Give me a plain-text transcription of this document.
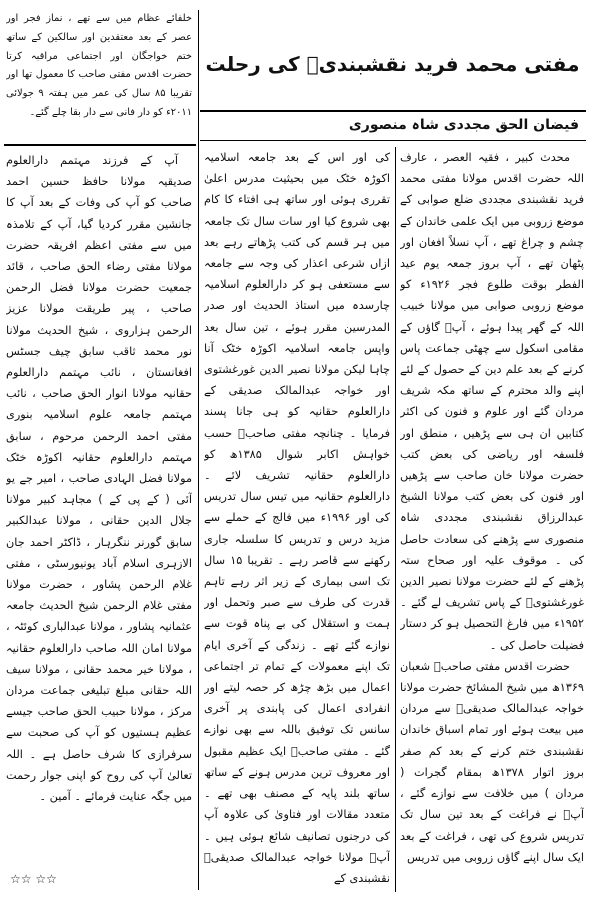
خلفائے عظام میں سے تھے ، نماز فجر اور عصر کے بعد معتقدین اور سالکین کے ساتھ ختم خواجگان اور اجتماعی مراقبہ کرتا حضرت اقدس مفتی صاحب کا معمول تھا اور تقریبا ۸۵ سال کی عمر میں ہفتہ ۹ جولائی ۲۰۱۱ء کو دار فانی سے دار بقا چلے گئے۔

آپ کے فرزند مہتمم دارالعلوم صدیقیہ مولانا حافظ حسین احمد صاحب کو آپ کی وفات کے بعد آپ کا جانشین مقرر کردیا گیا، آپ کے تلامذہ میں سے مفتی اعظم افریقہ حضرت مولانا مفتی رضاء الحق صاحب ، قائد جمعیت حضرت مولانا فضل الرحمن صاحب ، پیر طریقت مولانا عزیز الرحمن ہزاروی ، شیخ الحدیث مولانا نور محمد ثاقب سابق چیف جسٹس افغانستان ، نائب مہتمم دارالعلوم حقانیہ مولانا انوار الحق صاحب ، نائب مہتمم جامعہ علوم اسلامیہ بنوری مفتی احمد الرحمن مرحوم ، سابق مہتمم دارالعلوم حقانیہ اکوڑہ خٹک مولانا فضل الہادی صاحب ، امیر جے یو آئی ( کے پی کے ) مجاہد کبیر مولانا جلال الدین حقانی ، مولانا عبدالکبیر سابق گورنر ننگرہار ، ڈاکٹر احمد جان الازہری اسلام آباد یونیورسٹی ، مفتی غلام الرحمن پشاور ، حضرت مولانا مفتی غلام الرحمن شیخ الحدیث جامعہ عثمانیہ پشاور ، مولانا عبدالباری کوئٹہ ، مولانا امان اللہ صاحب دارالعلوم حقانیہ ، مولانا خیر محمد حقانی ، مولانا سیف اللہ حقانی مبلغ تبلیغی جماعت مردان مرکز ، مولانا حبیب الحق صاحب جیسے عظیم ہستیوں کو آپ کی صحبت سے سرفرازی کا شرف حاصل ہے ۔ اللہ تعالیٰ آپ کی روح کو اپنی جوار رحمت میں جگہ عنایت فرمائے ۔ آمین ۔

☆☆ ☆☆
مفتی محمد فرید نقشبندیؒ کی رحلت
فیضان الحق مجددی شاہ منصوری

کی اور اس کے بعد جامعہ اسلامیہ اکوڑہ خٹک میں بحیثیت مدرس اعلیٰ تقرری ہوئی اور ساتھ ہی افتاء کا کام بھی شروع کیا اور سات سال تک جامعہ میں ہر قسم کی کتب پڑھاتے رہے بعد ازاں شرعی اعذار کی وجہ سے جامعہ سے مستعفی ہو کر دارالعلوم اسلامیہ چارسدہ میں استاذ الحدیث اور صدر المدرسین مقرر ہوئے ، تین سال بعد واپس جامعہ اسلامیہ اکوڑہ خٹک آنا چاہا لیکن مولانا نصیر الدین غورغشتوی اور خواجہ عبدالمالک صدیقی کے دارالعلوم حقانیہ کو ہی جانا پسند فرمایا ۔ چنانچہ مفتی صاحبؒ حسب خواہش اکابر شوال ۱۳۸۵ھ کو دارالعلوم حقانیہ تشریف لائے ۔ دارالعلوم حقانیہ میں تیس سال تدریس کی اور ۱۹۹۶ء میں فالج کے حملے سے مزید درس و تدریس کا سلسلہ جاری رکھنے سے قاصر رہے ۔ تقریبا ۱۵ سال تک اسی بیماری کے زیر اثر رہے تاہم قدرت کی طرف سے صبر وتحمل اور ہمت و استقلال کی بے پناہ قوت سے نوازے گئے تھے ۔ زندگی کے آخری ایام تک اپنے معمولات کے تمام تر اجتماعی اعمال میں بڑھ چڑھ کر حصہ لیتے اور انفرادی اعمال کی پابندی پر آخری سانس تک توفیق باللہ سے بھی نوازے گئے ۔ مفتی صاحبؒ ایک عظیم مقبول اور معروف ترین مدرس ہونے کے ساتھ ساتھ بلند پایہ کے مصنف بھی تھے ۔ متعدد مقالات اور فتاویٰ کی علاوہ آپ کی درجنوں تصانیف شائع ہوئی ہیں ۔ آپؒ مولانا خواجہ عبدالمالک صدیقیؒ نقشبندی کے

محدث کبیر ، فقیہ العصر ، عارف اللہ حضرت اقدس مولانا مفتی محمد فرید نقشبندی مجددی ضلع صوابی کے موضع زروبی میں ایک علمی خاندان کے چشم و چراغ تھے ، آپ نسلاً افغان اور پٹھان تھے ، آپ بروز جمعہ یوم عید الفطر بوقت طلوع فجر ۱۹۲۶ء کو موضع زروبی صوابی میں مولانا خبیب اللہ کے گھر پیدا ہوئے ، آپؒ گاؤں کے مقامی اسکول سے چھٹی جماعت پاس کرنے کے بعد علم دین کے حصول کے لئے اپنے والد محترم کے ساتھ مکہ شریف مردان گئے اور علوم و فنون کی اکثر کتابیں ان ہی سے پڑھیں ، منطق اور فلسفہ اور ریاضی کی بعض کتب حضرت مولانا خان صاحب سے پڑھیں اور فنون کی بعض کتب مولانا الشیخ عبدالرزاق نقشبندی مجددی شاہ منصوری سے پڑھنے کی سعادت حاصل کی ۔ موقوف علیہ اور صحاح ستہ پڑھنے کے لئے حضرت مولانا نصیر الدین غورغشتویؒ کے پاس تشریف لے گئے ۔ ۱۹۵۲ء میں فارغ التحصیل ہو کر دستار فضیلت حاصل کی ۔

حضرت اقدس مفتی صاحبؒ شعبان ۱۳۶۹ھ میں شیخ المشائخ حضرت مولانا خواجہ عبدالمالک صدیقیؒ سے مردان میں بیعت ہوئے اور تمام اسباق خاندان نقشبندی ختم کرنے کے بعد کم صفر بروز اتوار ۱۳۷۸ھ بمقام گجرات ( مردان ) میں خلافت سے نوازے گئے ، آپؒ نے فراغت کے بعد تین سال تک تدریس شروع کی تھی ، فراغت کے بعد ایک سال اپنے گاؤں زروبی میں تدریس
